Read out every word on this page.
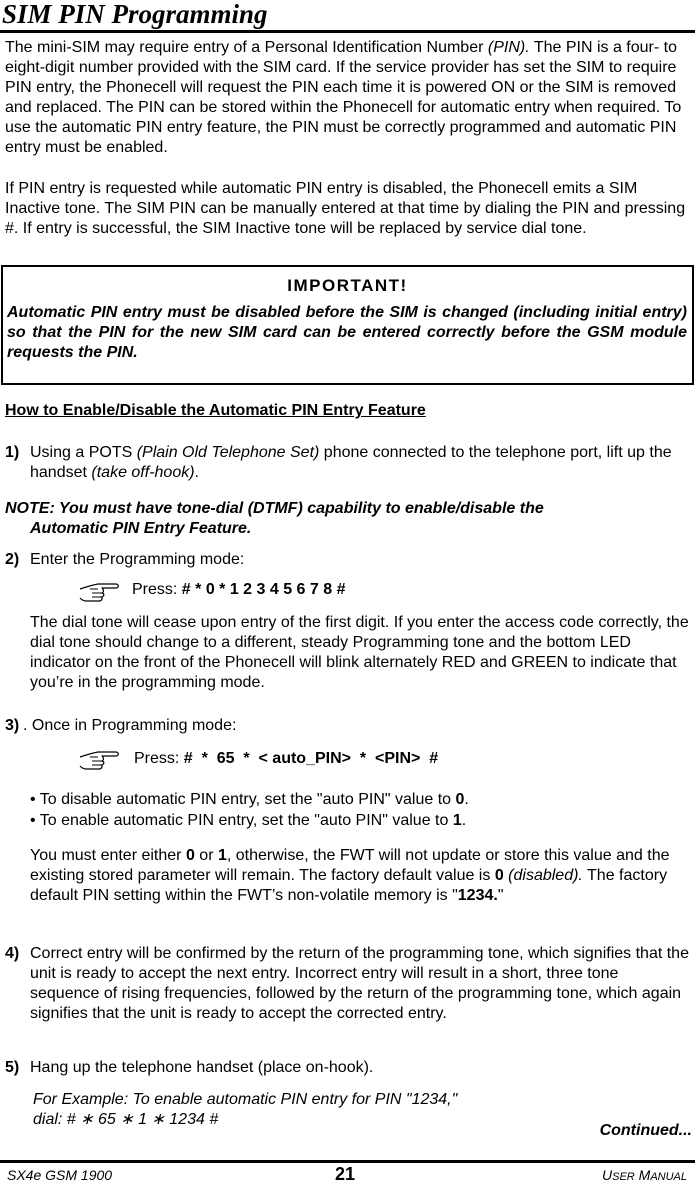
SIM PIN Programming
The mini-SIM may require entry of a Personal Identification Number (PIN). The PIN is a four- to eight-digit number provided with the SIM card. If the service provider has set the SIM to require PIN entry, the Phonecell will request the PIN each time it is powered ON or the SIM is removed and replaced. The PIN can be stored within the Phonecell for automatic entry when required. To use the automatic PIN entry feature, the PIN must be correctly programmed and automatic PIN entry must be enabled.
If PIN entry is requested while automatic PIN entry is disabled, the Phonecell emits a SIM Inactive tone. The SIM PIN can be manually entered at that time by dialing the PIN and pressing #. If entry is successful, the SIM Inactive tone will be replaced by service dial tone.
IMPORTANT!
Automatic PIN entry must be disabled before the SIM is changed (including initial entry) so that the PIN for the new SIM card can be entered correctly before the GSM module requests the PIN.
How to Enable/Disable the Automatic PIN Entry Feature
1) Using a POTS (Plain Old Telephone Set) phone connected to the telephone port, lift up the handset (take off-hook).
NOTE: You must have tone-dial (DTMF) capability to enable/disable the
Automatic PIN Entry Feature.
2) Enter the Programming mode:
Press: # * 0 * 1 2 3 4 5 6 7 8 #
The dial tone will cease upon entry of the first digit. If you enter the access code correctly, the dial tone should change to a different, steady Programming tone and the bottom LED indicator on the front of the Phonecell will blink alternately RED and GREEN to indicate that you’re in the programming mode.
3) . Once in Programming mode:
Press: #  *  65  *  < auto_PIN>  *  <PIN>  #
• To disable automatic PIN entry, set the "auto PIN" value to 0.
• To enable automatic PIN entry, set the "auto PIN" value to 1.
You must enter either 0 or 1, otherwise, the FWT will not update or store this value and the existing stored parameter will remain. The factory default value is 0 (disabled). The factory default PIN setting within the FWT’s non-volatile memory is "1234."
4) Correct entry will be confirmed by the return of the programming tone, which signifies that the unit is ready to accept the next entry. Incorrect entry will result in a short, three tone sequence of rising frequencies, followed by the return of the programming tone, which again signifies that the unit is ready to accept the corrected entry.
5) Hang up the telephone handset (place on-hook).
For Example: To enable automatic PIN entry for PIN "1234,"
dial: # ∗ 65 ∗ 1 ∗ 1234 #
Continued...
SX4e GSM 1900	21	USER MANUAL
